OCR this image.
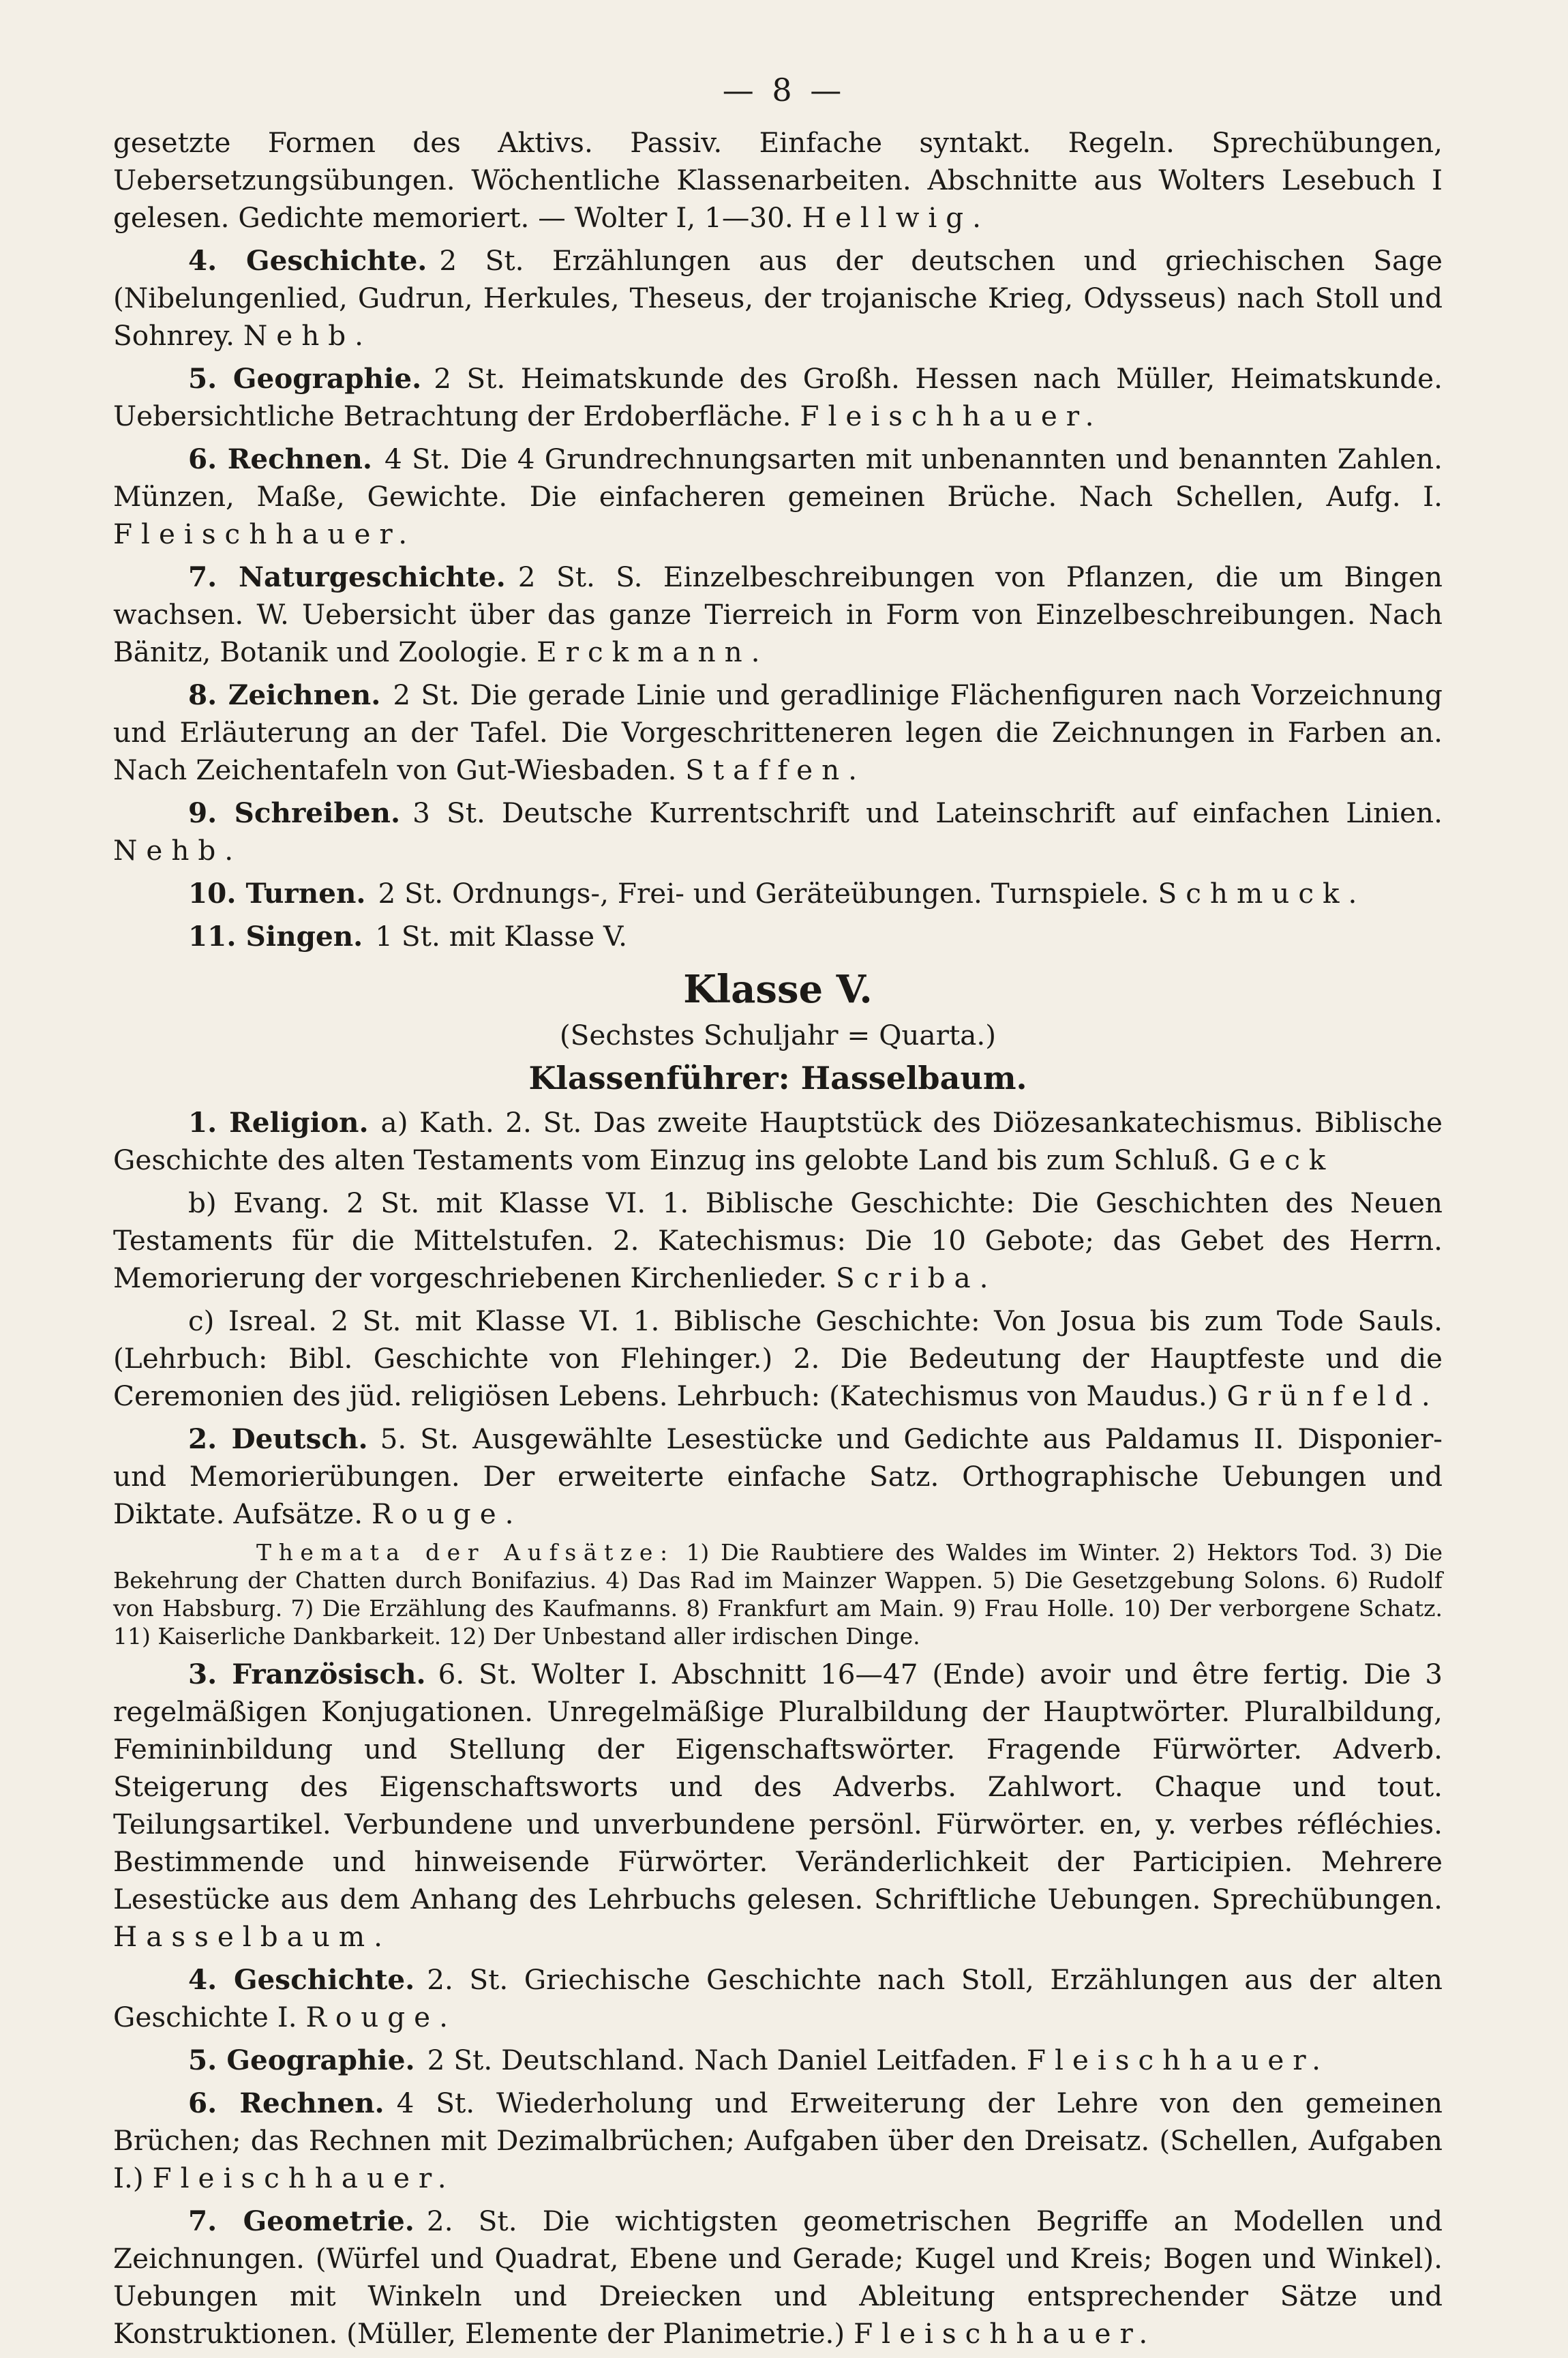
— 8 —

gesetzte Formen des Aktivs. Passiv. Einfache syntakt. Regeln. Sprechübungen, Uebersetzungsübungen. Wöchentliche Klassenarbeiten. Abschnitte aus Wolters Lesebuch I gelesen. Gedichte memoriert. — Wolter I, 1—30. Hellwig.

4. Geschichte. 2 St. Erzählungen aus der deutschen und griechischen Sage (Nibelungenlied, Gudrun, Herkules, Theseus, der trojanische Krieg, Odysseus) nach Stoll und Sohnrey. Nehb.

5. Geographie. 2 St. Heimatskunde des Großh. Hessen nach Müller, Heimatskunde. Uebersichtliche Betrachtung der Erdoberfläche. Fleischhauer.

6. Rechnen. 4 St. Die 4 Grundrechnungsarten mit unbenannten und benannten Zahlen. Münzen, Maße, Gewichte. Die einfacheren gemeinen Brüche. Nach Schellen, Aufg. I. Fleischhauer.

7. Naturgeschichte. 2 St. S. Einzelbeschreibungen von Pflanzen, die um Bingen wachsen. W. Uebersicht über das ganze Tierreich in Form von Einzelbeschreibungen. Nach Bänitz, Botanik und Zoologie. Erckmann.

8. Zeichnen. 2 St. Die gerade Linie und geradlinige Flächenfiguren nach Vorzeichnung und Erläuterung an der Tafel. Die Vorgeschritteneren legen die Zeichnungen in Farben an. Nach Zeichentafeln von Gut-Wiesbaden. Staffen.

9. Schreiben. 3 St. Deutsche Kurrentschrift und Lateinschrift auf einfachen Linien. Nehb.

10. Turnen. 2 St. Ordnungs-, Frei- und Geräteübungen. Turnspiele. Schmuck.

11. Singen. 1 St. mit Klasse V.

Klasse V.

(Sechstes Schuljahr = Quarta.)

Klassenführer: Hasselbaum.

1. Religion. a) Kath. 2. St. Das zweite Hauptstück des Diözesankatechismus. Biblische Geschichte des alten Testaments vom Einzug ins gelobte Land bis zum Schluß. Geck

b) Evang. 2 St. mit Klasse VI. 1. Biblische Geschichte: Die Geschichten des Neuen Testaments für die Mittelstufen. 2. Katechismus: Die 10 Gebote; das Gebet des Herrn. Memorierung der vorgeschriebenen Kirchenlieder. Scriba.

c) Isreal. 2 St. mit Klasse VI. 1. Biblische Geschichte: Von Josua bis zum Tode Sauls. (Lehrbuch: Bibl. Geschichte von Flehinger.) 2. Die Bedeutung der Hauptfeste und die Ceremonien des jüd. religiösen Lebens. Lehrbuch: (Katechismus von Maudus.) Grünfeld.

2. Deutsch. 5. St. Ausgewählte Lesestücke und Gedichte aus Paldamus II. Disponier- und Memorierübungen. Der erweiterte einfache Satz. Orthographische Uebungen und Diktate. Aufsätze. Rouge.

Themata der Aufsätze: 1) Die Raubtiere des Waldes im Winter. 2) Hektors Tod. 3) Die Bekehrung der Chatten durch Bonifazius. 4) Das Rad im Mainzer Wappen. 5) Die Gesetzgebung Solons. 6) Rudolf von Habsburg. 7) Die Erzählung des Kaufmanns. 8) Frankfurt am Main. 9) Frau Holle. 10) Der verborgene Schatz. 11) Kaiserliche Dankbarkeit. 12) Der Unbestand aller irdischen Dinge.

3. Französisch. 6. St. Wolter I. Abschnitt 16—47 (Ende) avoir und être fertig. Die 3 regelmäßigen Konjugationen. Unregelmäßige Pluralbildung der Hauptwörter. Pluralbildung, Femininbildung und Stellung der Eigenschaftswörter. Fragende Fürwörter. Adverb. Steigerung des Eigenschaftsworts und des Adverbs. Zahlwort. Chaque und tout. Teilungsartikel. Verbundene und unverbundene persönl. Fürwörter. en, y. verbes réfléchies. Bestimmende und hinweisende Fürwörter. Veränderlichkeit der Participien. Mehrere Lesestücke aus dem Anhang des Lehrbuchs gelesen. Schriftliche Uebungen. Sprechübungen. Hasselbaum.

4. Geschichte. 2. St. Griechische Geschichte nach Stoll, Erzählungen aus der alten Geschichte I. Rouge.

5. Geographie. 2 St. Deutschland. Nach Daniel Leitfaden. Fleischhauer.

6. Rechnen. 4 St. Wiederholung und Erweiterung der Lehre von den gemeinen Brüchen; das Rechnen mit Dezimalbrüchen; Aufgaben über den Dreisatz. (Schellen, Aufgaben I.) Fleischhauer.

7. Geometrie. 2. St. Die wichtigsten geometrischen Begriffe an Modellen und Zeichnungen. (Würfel und Quadrat, Ebene und Gerade; Kugel und Kreis; Bogen und Winkel). Uebungen mit Winkeln und Dreiecken und Ableitung entsprechender Sätze und Konstruktionen. (Müller, Elemente der Planimetrie.) Fleischhauer.
